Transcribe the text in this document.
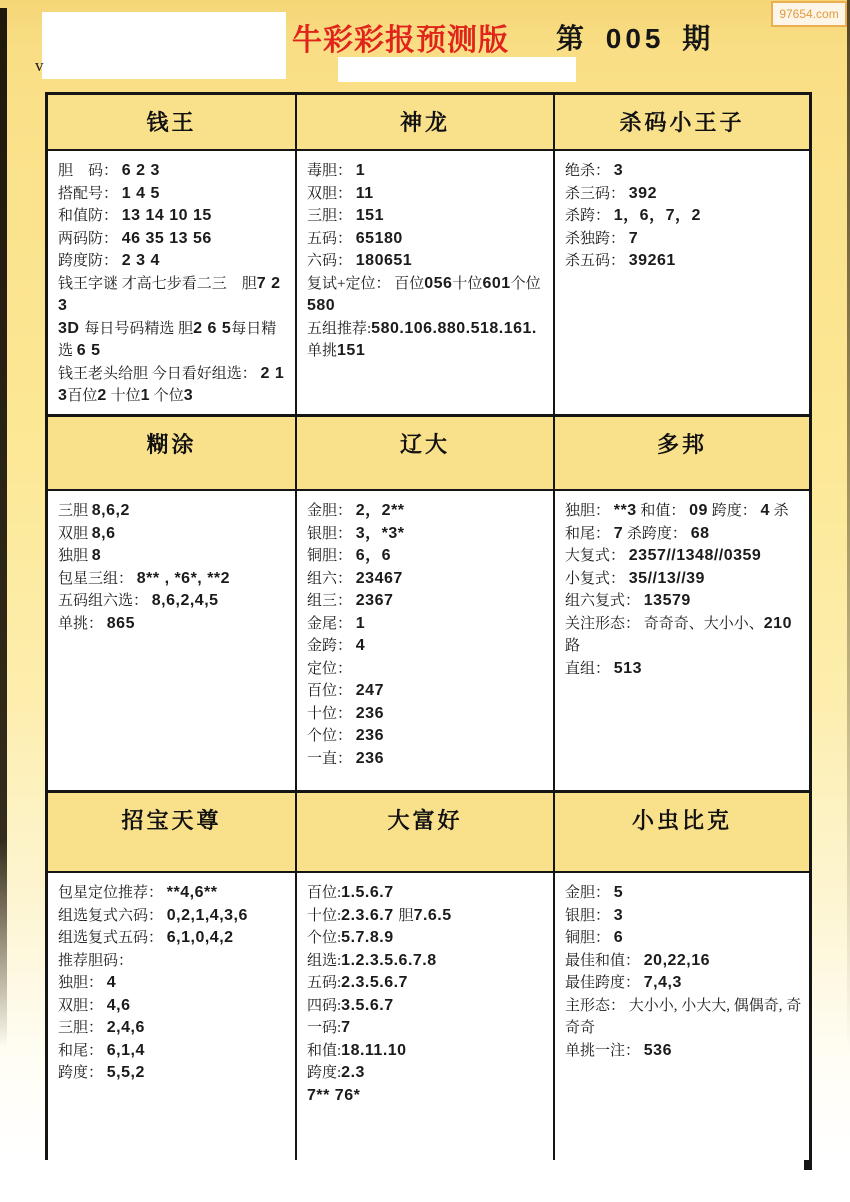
v
牛彩彩报预测版 第 005 期
97654.com
钱王	神龙	杀码小王子
胆　码： 6 2 3
搭配号： 1 4 5
和值防： 13 14 10 15
两码防： 46 35 13 56
跨度防： 2 3 4
钱王字谜 才高七步看二三　胆7 2 3
3D 每日号码精选 胆2 6 5每日精选 6 5
钱王老头给胆 今日看好组选： 2 1 3百位2 十位1 个位3
毒胆： 1
双胆： 11
三胆： 151
五码： 65180
六码： 180651
复试+定位： 百位056十位601个位580
五组推荐:580.106.880.518.161.
单挑151
绝杀： 3
杀三码： 392
杀跨： 1，6，7，2
杀独跨： 7
杀五码： 39261
糊涂	辽大	多邦
三胆 8,6,2
双胆 8,6
独胆 8
包星三组： 8** , *6*, **2
五码组六选： 8,6,2,4,5
单挑： 865
金胆： 2，2**
银胆： 3，*3*
铜胆： 6，6
组六： 23467
组三： 2367
金尾： 1
金跨： 4
定位：
百位： 247
十位： 236
个位： 236
一直： 236
独胆： **3 和值： 09 跨度： 4 杀和尾： 7 杀跨度： 68
大复式： 2357//1348//0359
小复式： 35//13//39
组六复式： 13579
关注形态： 奇奇奇、大小小、210路
直组： 513
招宝天尊	大富好	小虫比克
包星定位推荐： **4,6**
组选复式六码： 0,2,1,4,3,6
组选复式五码： 6,1,0,4,2
推荐胆码：
独胆： 4
双胆： 4,6
三胆： 2,4,6
和尾： 6,1,4
跨度： 5,5,2
百位:1.5.6.7
十位:2.3.6.7 胆7.6.5
个位:5.7.8.9
组选:1.2.3.5.6.7.8
五码:2.3.5.6.7
四码:3.5.6.7
一码:7
和值:18.11.10
跨度:2.3
7** 76*
金胆： 5
银胆： 3
铜胆： 6
最佳和值： 20,22,16
最佳跨度： 7,4,3
主形态： 大小小, 小大大, 偶偶奇, 奇奇奇
单挑一注： 536
